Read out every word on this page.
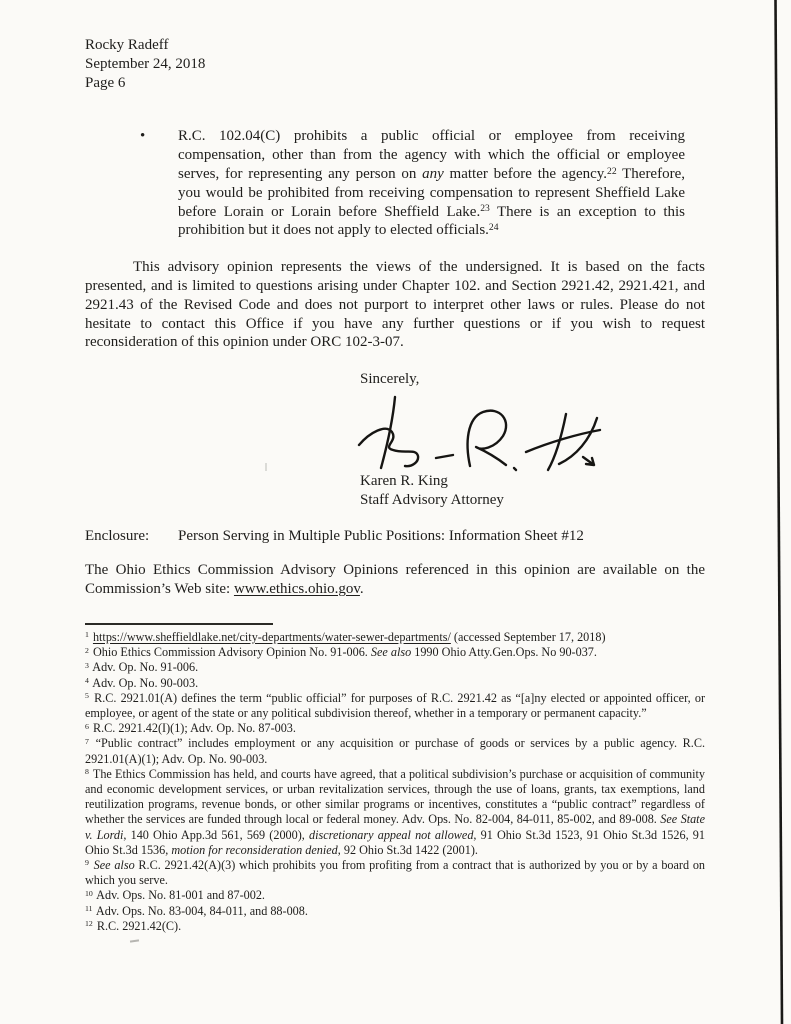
Rocky Radeff
September 24, 2018
Page 6
•	R.C. 102.04(C) prohibits a public official or employee from receiving compensation, other than from the agency with which the official or employee serves, for representing any person on any matter before the agency.$^{22}$ Therefore, you would be prohibited from receiving compensation to represent Sheffield Lake before Lorain or Lorain before Sheffield Lake.$^{23}$ There is an exception to this prohibition but it does not apply to elected officials.$^{24}$

This advisory opinion represents the views of the undersigned. It is based on the facts presented, and is limited to questions arising under Chapter 102. and Section 2921.42, 2921.421, and 2921.43 of the Revised Code and does not purport to interpret other laws or rules. Please do not hesitate to contact this Office if you have any further questions or if you wish to request reconsideration of this opinion under ORC 102-3-07.

Sincerely,
Karen R. King
Staff Advisory Attorney
Enclosure: Person Serving in Multiple Public Positions: Information Sheet #12

The Ohio Ethics Commission Advisory Opinions referenced in this opinion are available on the Commission’s Web site: www.ethics.ohio.gov.

$^1$ https://www.sheffieldlake.net/city-departments/water-sewer-departments/ (accessed September 17, 2018)
$^2$ Ohio Ethics Commission Advisory Opinion No. 91-006. See also 1990 Ohio Atty.Gen.Ops. No 90-037.
$^3$ Adv. Op. No. 91-006.
$^4$ Adv. Op. No. 90-003.
$^5$ R.C. 2921.01(A) defines the term “public official” for purposes of R.C. 2921.42 as “[a]ny elected or appointed officer, or employee, or agent of the state or any political subdivision thereof, whether in a temporary or permanent capacity.”
$^6$ R.C. 2921.42(I)(1); Adv. Op. No. 87-003.
$^7$ “Public contract” includes employment or any acquisition or purchase of goods or services by a public agency. R.C. 2921.01(A)(1); Adv. Op. No. 90-003.
$^8$ The Ethics Commission has held, and courts have agreed, that a political subdivision’s purchase or acquisition of community and economic development services, or urban revitalization services, through the use of loans, grants, tax exemptions, land reutilization programs, revenue bonds, or other similar programs or incentives, constitutes a “public contract” regardless of whether the services are funded through local or federal money. Adv. Ops. No. 82-004, 84-011, 85-002, and 89-008. See State v. Lordi, 140 Ohio App.3d 561, 569 (2000), discretionary appeal not allowed, 91 Ohio St.3d 1523, 91 Ohio St.3d 1526, 91 Ohio St.3d 1536, motion for reconsideration denied, 92 Ohio St.3d 1422 (2001).
$^9$ See also R.C. 2921.42(A)(3) which prohibits you from profiting from a contract that is authorized by you or by a board on which you serve.
$^{10}$ Adv. Ops. No. 81-001 and 87-002.
$^{11}$ Adv. Ops. No. 83-004, 84-011, and 88-008.
$^{12}$ R.C. 2921.42(C).
